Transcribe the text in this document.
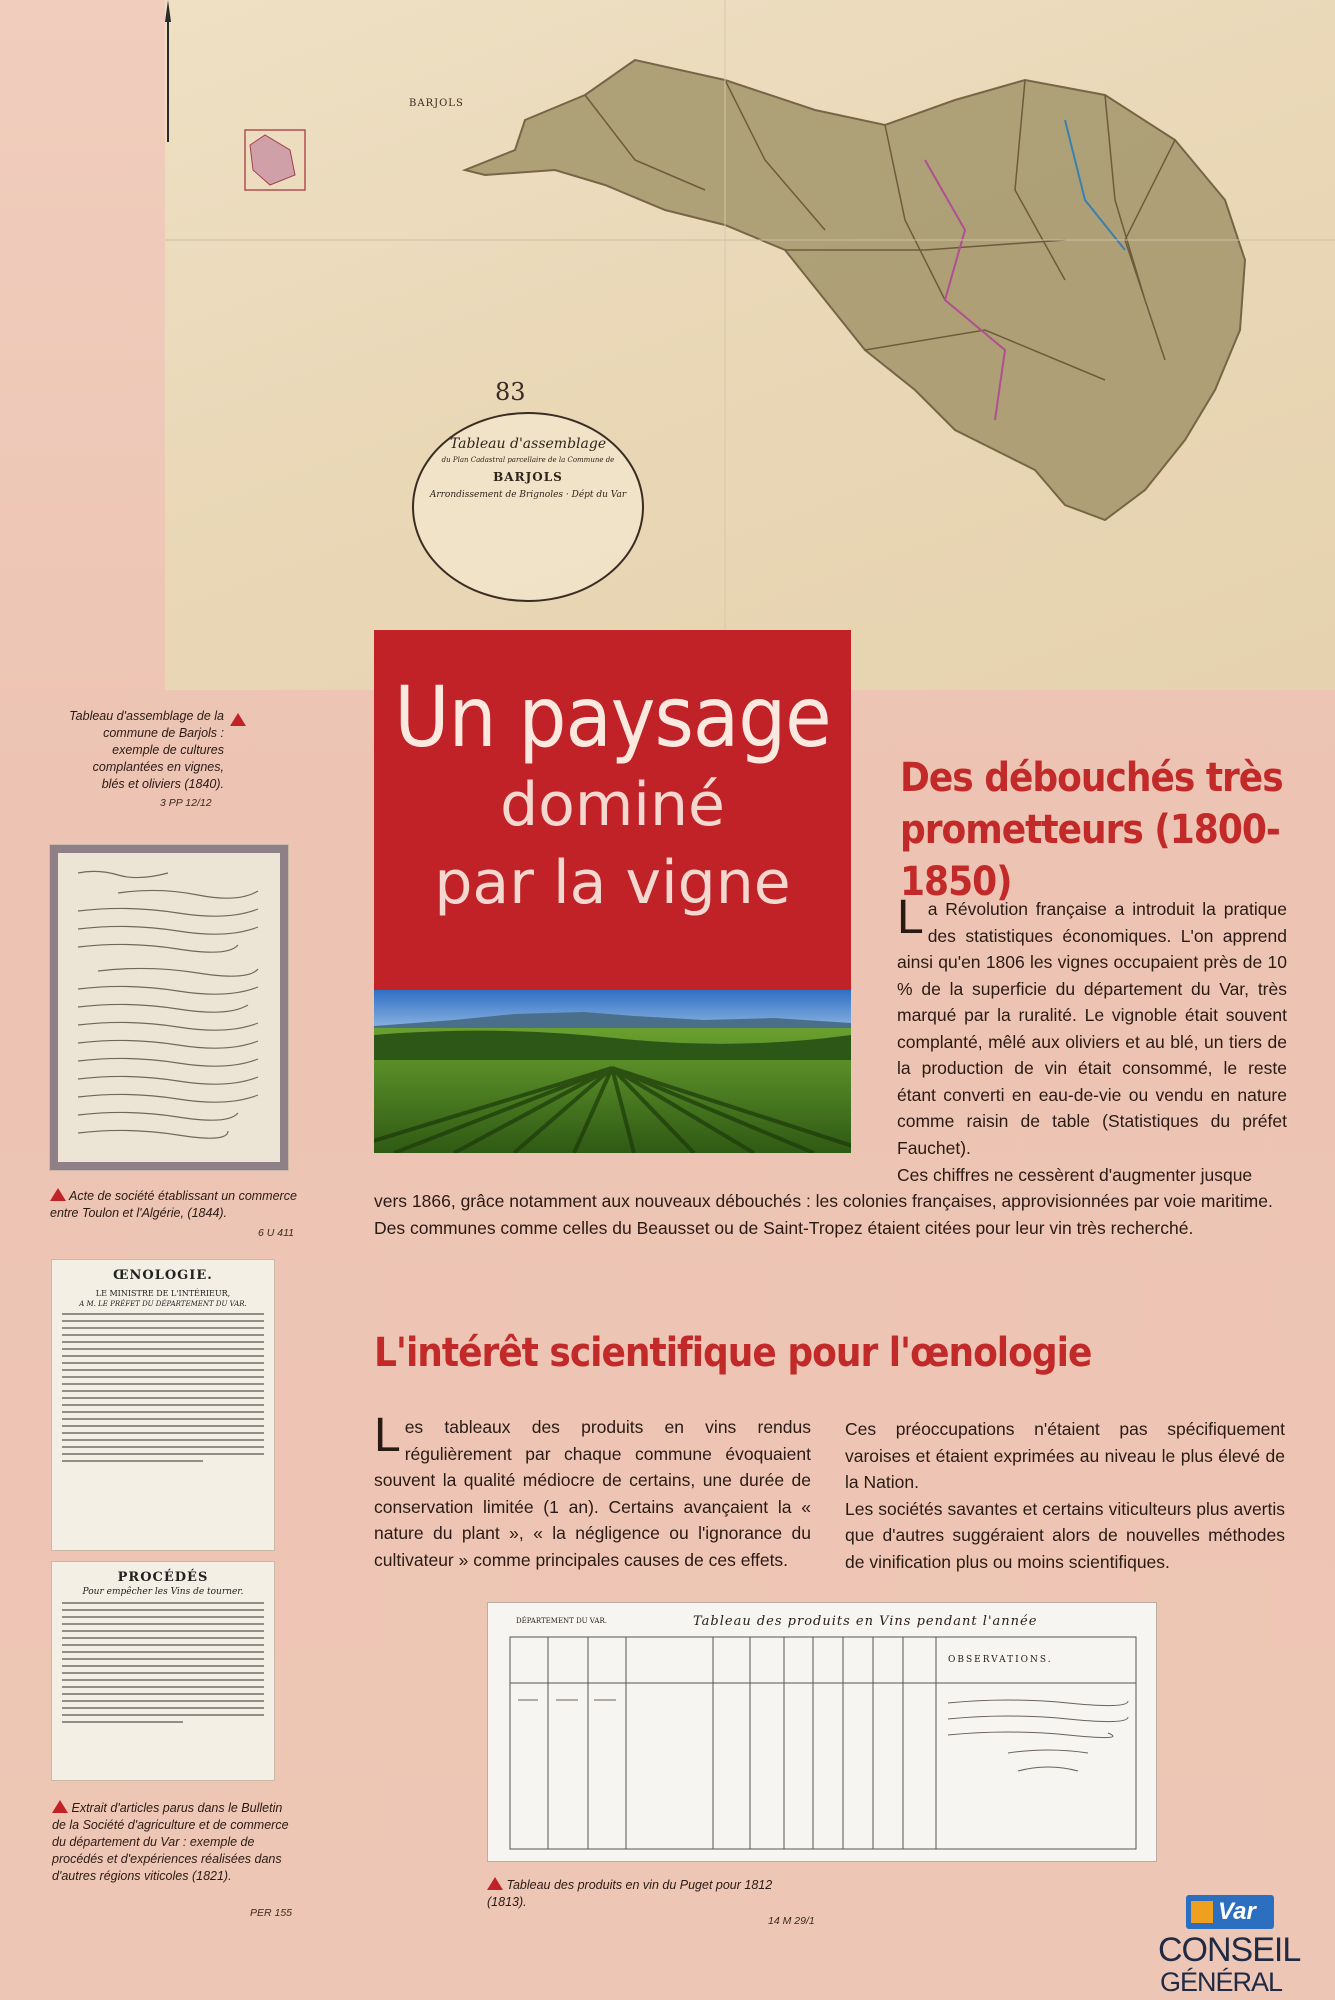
BARJOLS
83
Tableau d'assemblage
du Plan Cadastral parcellaire de la Commune de
BARJOLS
Arrondissement de Brignoles · Dépt du Var
Un paysage
dominé
par la vigne
Des débouchés très prometteurs (1800-1850)
La Révolution française a introduit la pratique des statistiques économiques. L'on apprend ainsi qu'en 1806 les vignes occupaient près de 10 % de la superficie du département du Var, très marqué par la ruralité. Le vignoble était souvent complanté, mêlé aux oliviers et au blé, un tiers de la production de vin était consommé, le reste étant converti en eau-de-vie ou vendu en nature comme raisin de table (Statistiques du préfet Fauchet).
Ces chiffres ne cessèrent d'augmenter jusque
vers 1866, grâce notamment aux nouveaux débouchés : les colonies françaises, approvisionnées par voie maritime.
Des communes comme celles du Beausset ou de Saint-Tropez étaient citées pour leur vin très recherché.
L'intérêt scientifique pour l'œnologie
Les tableaux des produits en vins rendus régulièrement par chaque commune évoquaient souvent la qualité médiocre de certains, une durée de conservation limitée (1 an). Certains avançaient la « nature du plant », « la négligence ou l'ignorance du cultivateur » comme principales causes de ces effets.

Ces préoccupations n'étaient pas spécifiquement varoises et étaient exprimées au niveau le plus élevé de la Nation.

Les sociétés savantes et certains viticulteurs plus avertis que d'autres suggéraient alors de nouvelles méthodes de vinification plus ou moins scientifiques.

Tableau d'assemblage de la commune de Barjols : exemple de cultures complantées en vignes, blés et oliviers (1840).
3 PP 12/12
Acte de société établissant un commerce entre Toulon et l'Algérie, (1844).
6 U 411
ŒNOLOGIE.
LE MINISTRE DE L'INTÉRIEUR,
A M. LE PRÉFET DU DÉPARTEMENT DU VAR.
PROCÉDÉS
Pour empêcher les Vins de tourner.
Extrait d'articles parus dans le Bulletin de la Société d'agriculture et de commerce du département du Var : exemple de procédés et d'expériences réalisées dans d'autres régions viticoles (1821).
PER 155
DÉPARTEMENT DU VAR.	Tableau des produits en Vins pendant l'année
OBSERVATIONS.
Tableau des produits en vin du Puget pour 1812 (1813).
14 M 29/1	Var
CONSEIL
GÉNÉRAL
